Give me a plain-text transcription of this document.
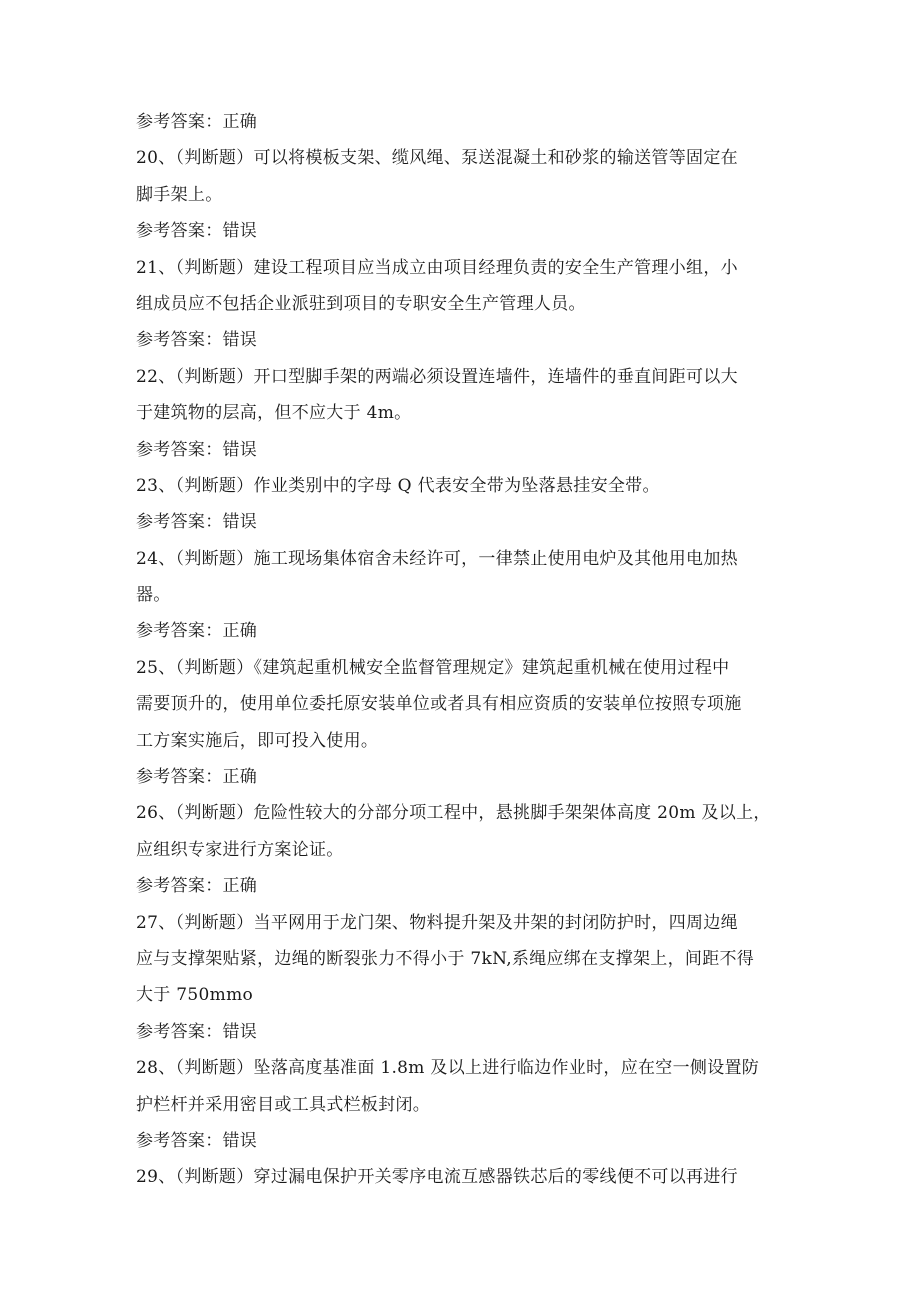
参考答案：正确
20、（判断题）可以将模板支架、缆风绳、泵送混凝土和砂浆的输送管等固定在
脚手架上。
参考答案：错误
21、（判断题）建设工程项目应当成立由项目经理负责的安全生产管理小组，小
组成员应不包括企业派驻到项目的专职安全生产管理人员。
参考答案：错误
22、（判断题）开口型脚手架的两端必须设置连墙件，连墙件的垂直间距可以大
于建筑物的层高，但不应大于 4m。
参考答案：错误
23、（判断题）作业类别中的字母 Q 代表安全带为坠落悬挂安全带。
参考答案：错误
24、（判断题）施工现场集体宿舍未经许可，一律禁止使用电炉及其他用电加热
器。
参考答案：正确
25、（判断题）《建筑起重机械安全监督管理规定》建筑起重机械在使用过程中
需要顶升的，使用单位委托原安装单位或者具有相应资质的安装单位按照专项施
工方案实施后，即可投入使用。
参考答案：正确
26、（判断题）危险性较大的分部分项工程中，悬挑脚手架架体高度 20m 及以上，
应组织专家进行方案论证。
参考答案：正确
27、（判断题）当平网用于龙门架、物料提升架及井架的封闭防护时，四周边绳
应与支撑架贴紧，边绳的断裂张力不得小于 7kN,系绳应绑在支撑架上，间距不得
大于 750mmo
参考答案：错误
28、（判断题）坠落高度基准面 1.8m 及以上进行临边作业时，应在空一侧设置防
护栏杆并采用密目或工具式栏板封闭。
参考答案：错误
29、（判断题）穿过漏电保护开关零序电流互感器铁芯后的零线便不可以再进行
